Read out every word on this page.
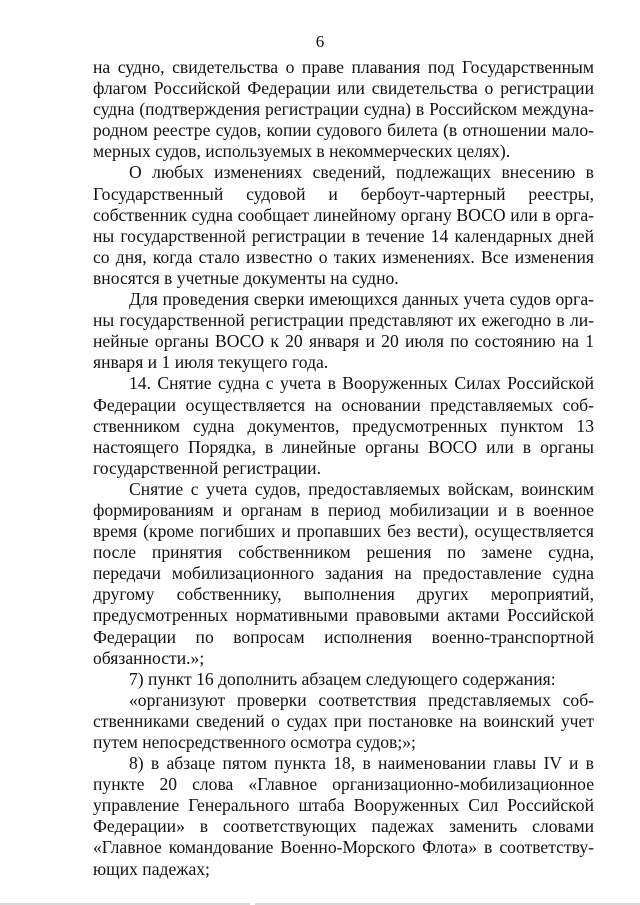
6

на судно, свидетельства о праве плавания под Государственным флагом Российской Федерации или свидетельства о регистрации судна (подтверждения регистрации судна) в Российском международном реестре судов, копии судового билета (в отношении маломерных судов, используемых в некоммерческих целях).

О любых изменениях сведений, подлежащих внесению в Государственный судовой и бербоут-чартерный реестры, собственник судна сообщает линейному органу ВОСО или в органы государственной регистрации в течение 14 календарных дней со дня, когда стало известно о таких изменениях. Все изменения вносятся в учетные документы на судно.

Для проведения сверки имеющихся данных учета судов органы государственной регистрации представляют их ежегодно в линейные органы ВОСО к 20 января и 20 июля по состоянию на 1 января и 1 июля текущего года.

14. Снятие судна с учета в Вооруженных Силах Российской Федерации осуществляется на основании представляемых собственником судна документов, предусмотренных пунктом 13 настоящего Порядка, в линейные органы ВОСО или в органы государственной регистрации.

Снятие с учета судов, предоставляемых войскам, воинским формированиям и органам в период мобилизации и в военное время (кроме погибших и пропавших без вести), осуществляется после принятия собственником решения по замене судна, передачи мобилизационного задания на предоставление судна другому собственнику, выполнения других мероприятий, предусмотренных нормативными правовыми актами Российской Федерации по вопросам исполнения военно-транспортной обязанности.»;

7) пункт 16 дополнить абзацем следующего содержания:

«организуют проверки соответствия представляемых собственниками сведений о судах при постановке на воинский учет путем непосредственного осмотра судов;»;

8) в абзаце пятом пункта 18, в наименовании главы IV и в пункте 20 слова «Главное организационно-мобилизационное управление Генерального штаба Вооруженных Сил Российской Федерации» в соответствующих падежах заменить словами «Главное командование Военно-Морского Флота» в соответствующих падежах;
